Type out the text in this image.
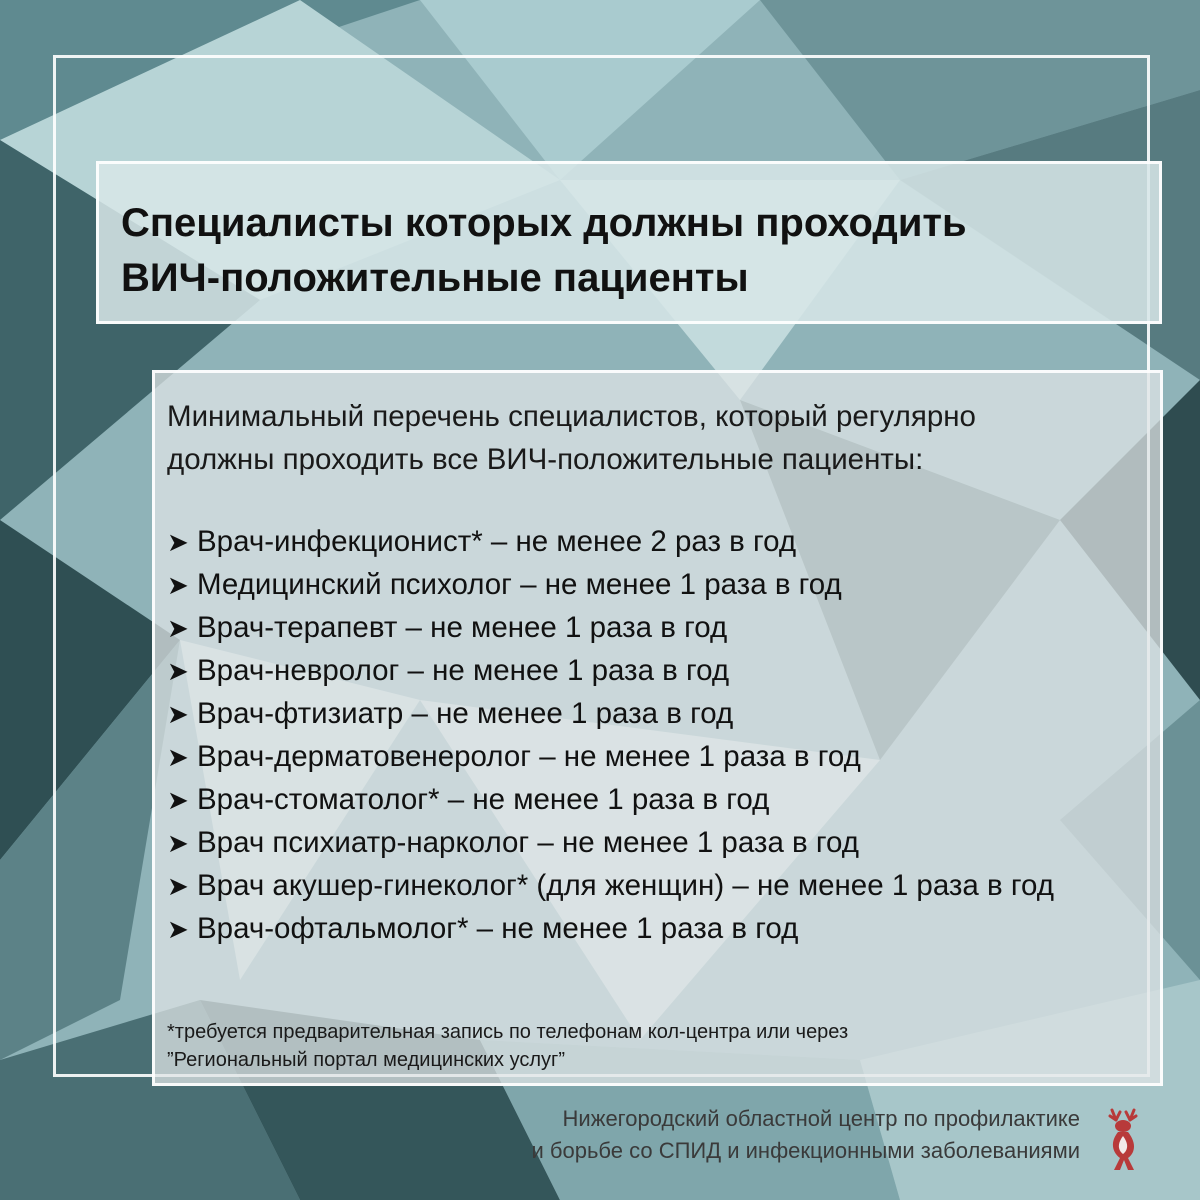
Специалисты которых должны проходить
ВИЧ-положительные пациенты

Минимальный перечень специалистов, который регулярно
должны проходить все ВИЧ-положительные пациенты:

➤ Врач-инфекционист* – не менее 2 раз в год
➤ Медицинский психолог – не менее 1 раза в год
➤ Врач-терапевт – не менее 1 раза в год
➤ Врач-невролог – не менее 1 раза в год
➤ Врач-фтизиатр – не менее 1 раза в год
➤ Врач-дерматовенеролог – не менее 1 раза в год
➤ Врач-стоматолог* – не менее 1 раза в год
➤ Врач психиатр-нарколог – не менее 1 раза в год
➤ Врач акушер-гинеколог* (для женщин) – не менее 1 раза в год
➤ Врач-офтальмолог* – не менее 1 раза в год

*требуется предварительная запись по телефонам кол-центра или через
”Региональный портал медицинских услуг”

Нижегородский областной центр по профилактике
и борьбе со СПИД и инфекционными заболеваниями
